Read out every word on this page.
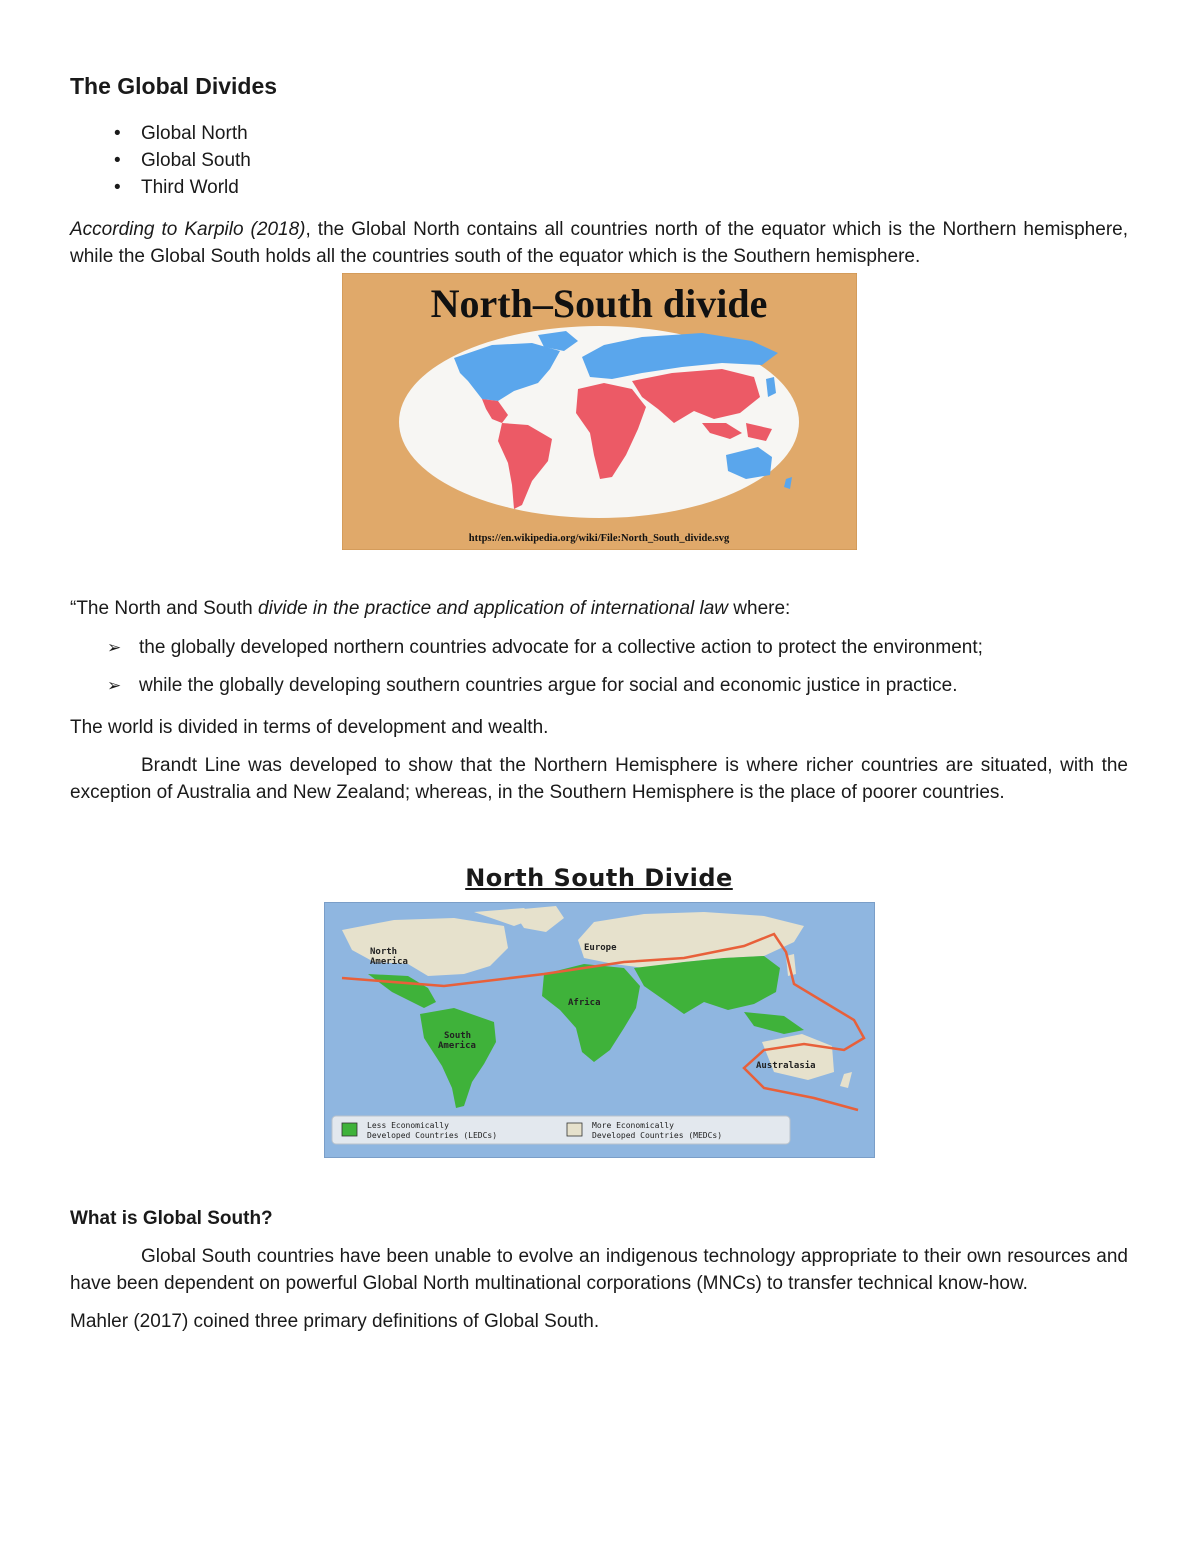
The Global Divides
• Global North
• Global South
• Third World

According to Karpilo (2018), the Global North contains all countries north of the equator which is the Northern hemisphere, while the Global South holds all the countries south of the equator which is the Southern hemisphere.

North–South divide
https://en.wikipedia.org/wiki/File:North_South_divide.svg

“The North and South divide in the practice and application of international law where:

➢ the globally developed northern countries advocate for a collective action to protect the environment;
➢ while the globally developing southern countries argue for social and economic justice in practice.

The world is divided in terms of development and wealth.

Brandt Line was developed to show that the Northern Hemisphere is where richer countries are situated, with the exception of Australia and New Zealand; whereas, in the Southern Hemisphere is the place of poorer countries.

North South Divide
North
America
Europe
Africa
South
America
Australasia
Less Economically
Developed Countries (LEDCs)
More Economically
Developed Countries (MEDCs)
What is Global South?

Global South countries have been unable to evolve an indigenous technology appropriate to their own resources and have been dependent on powerful Global North multinational corporations (MNCs) to transfer technical know-how.

Mahler (2017) coined three primary definitions of Global South.
